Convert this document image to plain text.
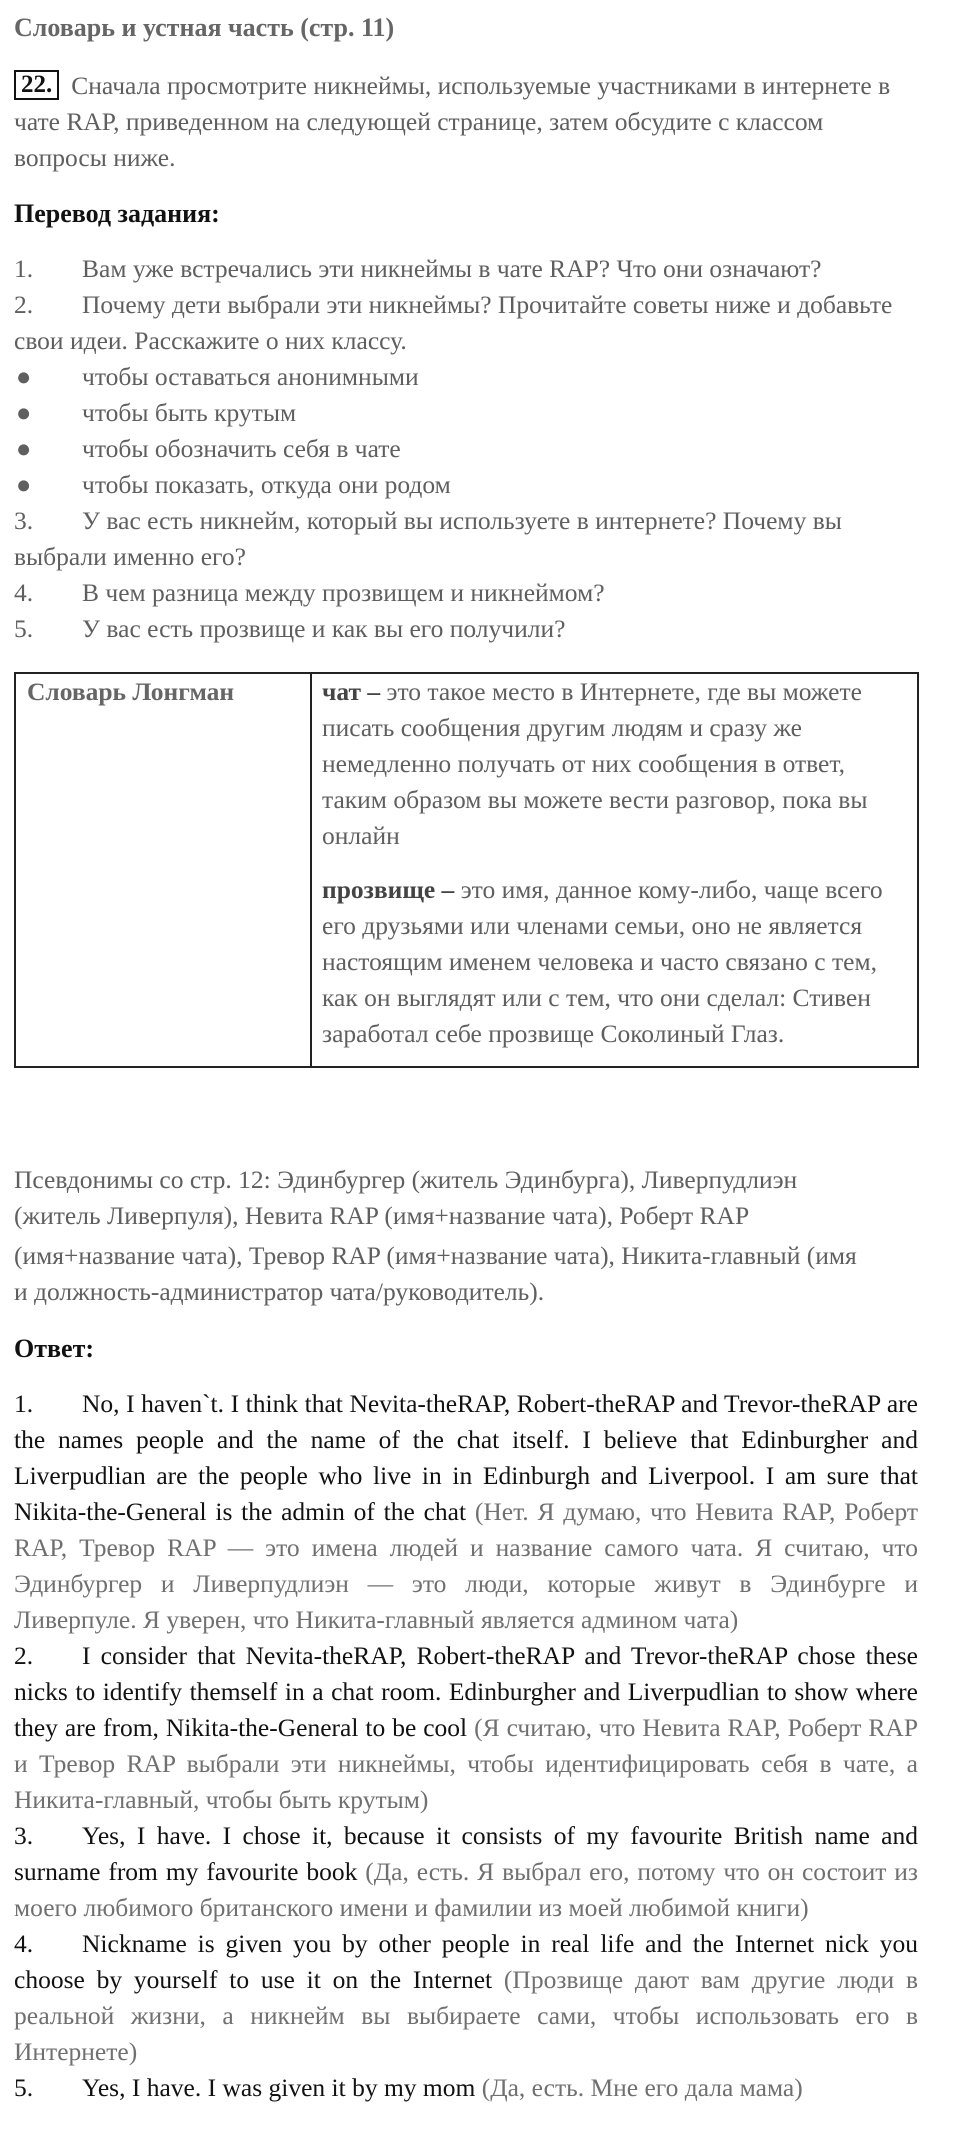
Словарь и устная часть (стр. 11)
22. Сначала просмотрите никнеймы, используемые участниками в интернете в чате RAP, приведенном на следующей странице, затем обсудите с классом вопросы ниже.
Перевод задания:
1. Вам уже встречались эти никнеймы в чате RAP? Что они означают?
2. Почему дети выбрали эти никнеймы? Прочитайте советы ниже и добавьте свои идеи. Расскажите о них классу.
● чтобы оставаться анонимными
● чтобы быть крутым
● чтобы обозначить себя в чате
● чтобы показать, откуда они родом
3. У вас есть никнейм, который вы используете в интернете? Почему вы выбрали именно его?
4. В чем разница между прозвищем и никнеймом?
5. У вас есть прозвище и как вы его получили?
Словарь Лонгман	чат – это такое место в Интернете, где вы можете писать сообщения другим людям и сразу же немедленно получать от них сообщения в ответ, таким образом вы можете вести разговор, пока вы онлайн

прозвище – это имя, данное кому-либо, чаще всего его друзьями или членами семьи, оно не является настоящим именем человека и часто связано с тем, как он выглядят или с тем, что они сделал: Стивен заработал себе прозвище Соколиный Глаз.

Псевдонимы со стр. 12: Эдинбургер (житель Эдинбурга), Ливерпудлиэн
(житель Ливерпуля), Невита RAP (имя+название чата), Роберт RAP
(имя+название чата), Тревор RAP (имя+название чата), Никита-главный (имя
и должность-администратор чата/руководитель).
Ответ:

1. No, I haven`t. I think that Nevita-theRAP, Robert-theRAP and Trevor-theRAP are the names people and the name of the chat itself. I believe that Edinburgher and Liverpudlian are the people who live in in Edinburgh and Liverpool. I am sure that Nikita-the-General is the admin of the chat (Нет. Я думаю, что Невита RAP, Роберт RAP, Тревор RAP — это имена людей и название самого чата. Я считаю, что Эдинбургер и Ливерпудлиэн — это люди, которые живут в Эдинбурге и Ливерпуле. Я уверен, что Никита-главный является админом чата)

2. I consider that Nevita-theRAP, Robert-theRAP and Trevor-theRAP chose these nicks to identify themself in a chat room. Edinburgher and Liverpudlian to show where they are from, Nikita-the-General to be cool (Я считаю, что Невита RAP, Роберт RAP и Тревор RAP выбрали эти никнеймы, чтобы идентифицировать себя в чате, а Никита-главный, чтобы быть крутым)

3. Yes, I have. I chose it, because it consists of my favourite British name and surname from my favourite book (Да, есть. Я выбрал его, потому что он состоит из моего любимого британского имени и фамилии из моей любимой книги)

4. Nickname is given you by other people in real life and the Internet nick you choose by yourself to use it on the Internet (Прозвище дают вам другие люди в реальной жизни, а никнейм вы выбираете сами, чтобы использовать его в Интернете)

5. Yes, I have. I was given it by my mom (Да, есть. Мне его дала мама)
